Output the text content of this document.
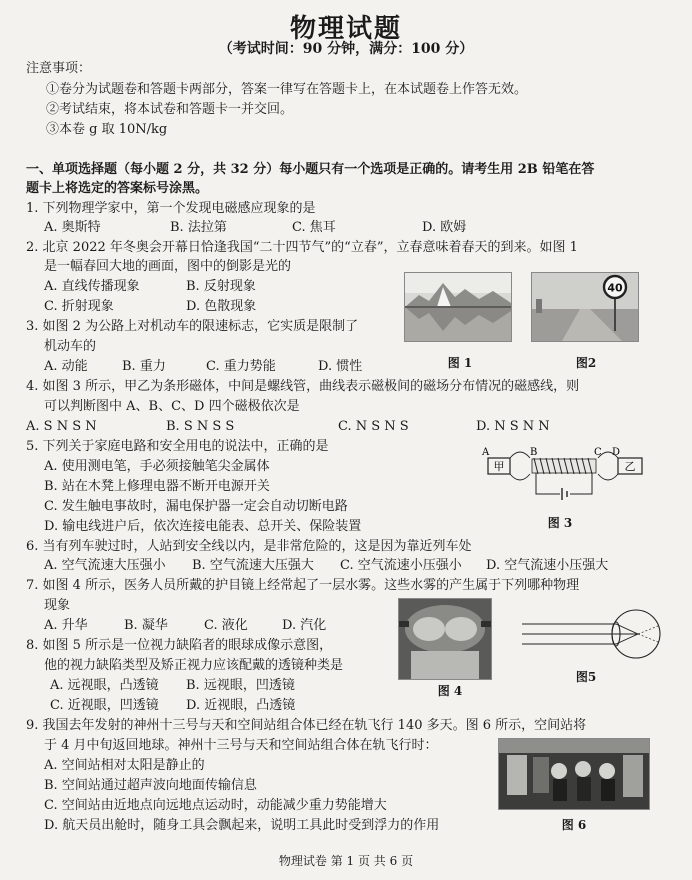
物理试题
（考试时间：90 分钟，满分：100 分）
注意事项：
①卷分为试题卷和答题卡两部分，答案一律写在答题卡上，在本试题卷上作答无效。
②考试结束，将本试卷和答题卡一并交回。
③本卷 g 取 10N/kg
一、单项选择题（每小题 2 分，共 32 分）每小题只有一个选项是正确的。请考生用 2B 铅笔在答
题卡上将选定的答案标号涂黑。
1. 下列物理学家中，第一个发现电磁感应现象的是
A. 奥斯特	B. 法拉第	C. 焦耳	D. 欧姆
2. 北京 2022 年冬奥会开幕日恰逢我国“二十四节气”的“立春”，立春意味着春天的到来。如图 1
是一幅春回大地的画面，图中的倒影是光的
A. 直线传播现象	B. 反射现象
C. 折射现象	D. 色散现象
3. 如图 2 为公路上对机动车的限速标志，它实质是限制了
机动车的
A. 动能	B. 重力	C. 重力势能	D. 惯性	图 1
40
图2
4. 如图 3 所示，甲乙为条形磁体，中间是螺线管，曲线表示磁极间的磁场分布情况的磁感线，则
可以判断图中 A、B、C、D 四个磁极依次是
A. S N S N	B. S N S S	C. N S N S	D. N S N N
5. 下列关于家庭电路和安全用电的说法中，正确的是
A. 使用测电笔，手必须接触笔尖金属体
B. 站在木凳上修理电器不断开电源开关
C. 发生触电事故时，漏电保护器一定会自动切断电路
D. 输电线进户后，依次连接电能表、总开关、保险装置
甲
A	B	C D
乙
图 3
6. 当有列车驶过时，人站到安全线以内，是非常危险的，这是因为靠近列车处
A. 空气流速大压强小 B. 空气流速大压强大 C. 空气流速小压强小 D. 空气流速小压强大
7. 如图 4 所示，医务人员所戴的护目镜上经常起了一层水雾。这些水雾的产生属于下列哪种物理
现象
A. 升华	B. 凝华	C. 液化	D. 汽化
8. 如图 5 所示是一位视力缺陷者的眼球成像示意图，
他的视力缺陷类型及矫正视力应该配戴的透镜种类是
A. 远视眼，凸透镜 B. 远视眼，凹透镜
C. 近视眼，凹透镜 D. 近视眼，凸透镜
图 4
图5
9. 我国去年发射的神州十三号与天和空间站组合体已经在轨飞行 140 多天。图 6 所示，空间站将
于 4 月中旬返回地球。神州十三号与天和空间站组合体在轨飞行时：
A. 空间站相对太阳是静止的
B. 空间站通过超声波向地面传输信息
C. 空间站由近地点向远地点运动时，动能减少重力势能增大
D. 航天员出舱时，随身工具会飘起来，说明工具此时受到浮力的作用	图 6
物理试卷 第 1 页 共 6 页
